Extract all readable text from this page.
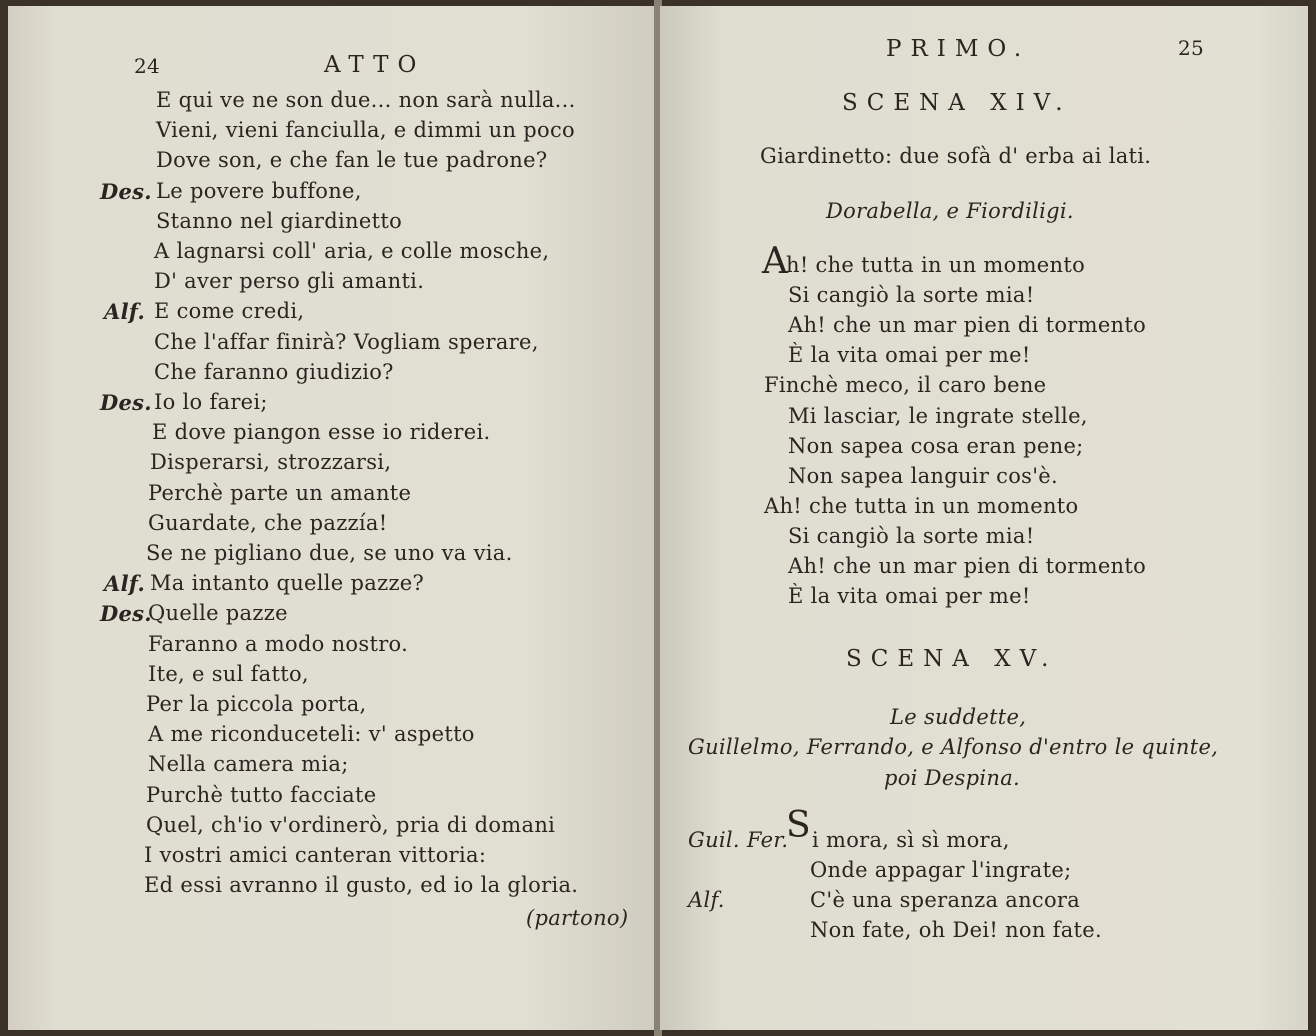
24	ATTO
E qui ve ne son due... non sarà nulla...
Vieni, vieni fanciulla, e dimmi un poco
Dove son, e che fan le tue padrone?
Des. Le povere buffone,
Stanno nel giardinetto
A lagnarsi coll' aria, e colle mosche,
D' aver perso gli amanti.
Alf. E come credi,
Che l'affar finirà? Vogliam sperare,
Che faranno giudizio?
Des. Io lo farei;
E dove piangon esse io riderei.
Disperarsi, strozzarsi,
Perchè parte un amante
Guardate, che pazzía!
Se ne pigliano due, se uno va via.
Alf. Ma intanto quelle pazze?
Des.
Quelle pazze
Faranno a modo nostro.
Ite, e sul fatto,
Per la piccola porta,
A me riconduceteli: v' aspetto
Nella camera mia;
Purchè tutto facciate
Quel, ch'io v'ordinerò, pria di domani
I vostri amici canteran vittoria:
Ed essi avranno il gusto, ed io la gloria.
(partono)
PRIMO.	25
SCENA XIV.
Giardinetto: due sofà d' erba ai lati.
Dorabella, e Fiordiligi.
A
h! che tutta in un momento
Si cangiò la sorte mia!
Ah! che un mar pien di tormento
È la vita omai per me!
Finchè meco, il caro bene
Mi lasciar, le ingrate stelle,
Non sapea cosa eran pene;
Non sapea languir cos'è.
Ah! che tutta in un momento
Si cangiò la sorte mia!
Ah! che un mar pien di tormento
È la vita omai per me!
SCENA XV.
Le suddette,
Guillelmo, Ferrando, e Alfonso d'entro le quinte,
poi Despina.
Guil. Fer.
S i mora, sì sì mora,
Onde appagar l'ingrate;
Alf.	C'è una speranza ancora
Non fate, oh Dei! non fate.
